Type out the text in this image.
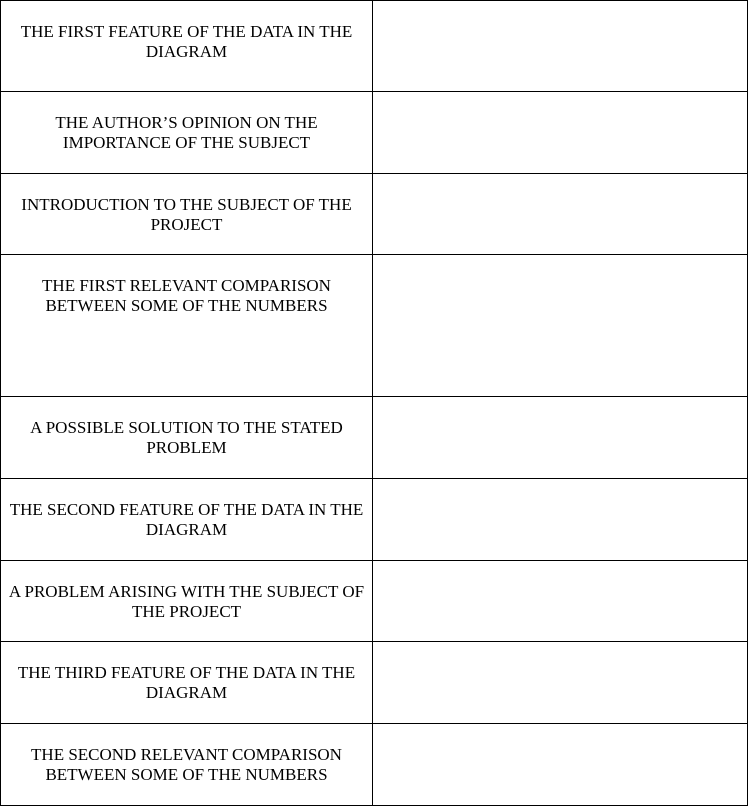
THE FIRST FEATURE OF THE DATA IN THE DIAGRAM	
THE AUTHOR’S OPINION ON THE IMPORTANCE OF THE SUBJECT	
INTRODUCTION TO THE SUBJECT OF THE PROJECT	
THE FIRST RELEVANT COMPARISON BETWEEN SOME OF THE NUMBERS	
A POSSIBLE SOLUTION TO THE STATED PROBLEM	
THE SECOND FEATURE OF THE DATA IN THE DIAGRAM	
A PROBLEM ARISING WITH THE SUBJECT OF THE PROJECT	
THE THIRD FEATURE OF THE DATA IN THE DIAGRAM	
THE SECOND RELEVANT COMPARISON BETWEEN SOME OF THE NUMBERS	
